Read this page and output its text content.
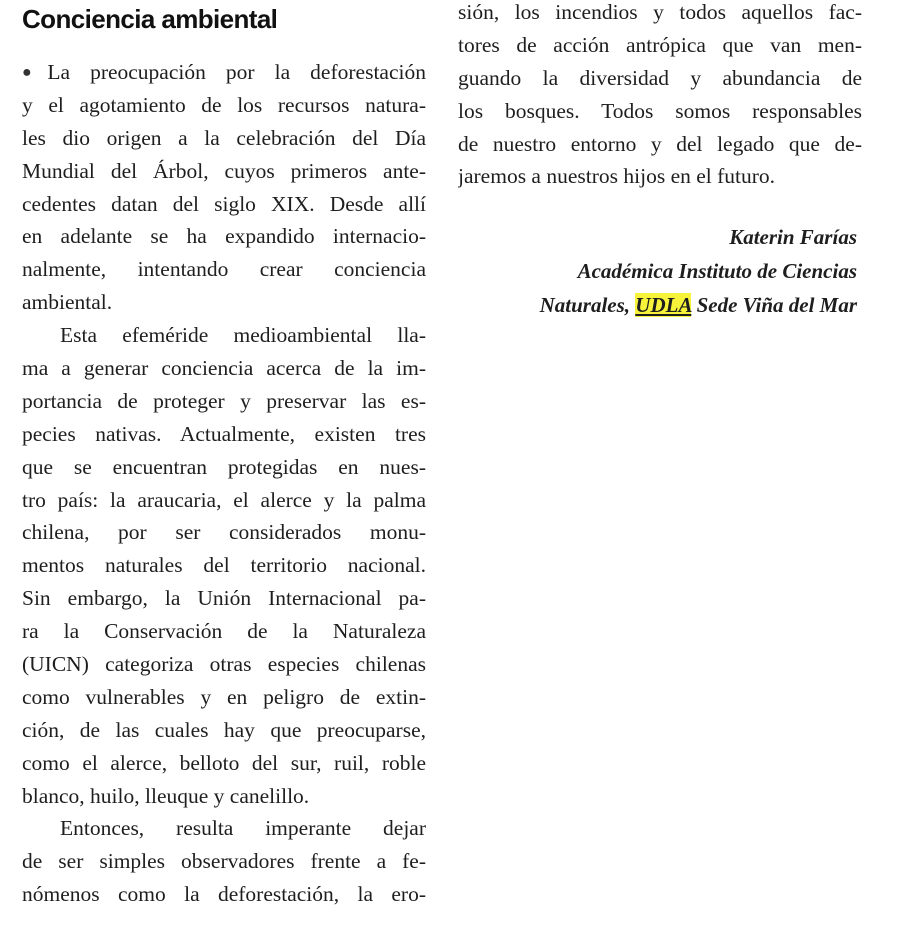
Conciencia ambiental
●La preocupación por la deforestación
y el agotamiento de los recursos natura-
les dio origen a la celebración del Día
Mundial del Árbol, cuyos primeros ante-
cedentes datan del siglo XIX. Desde allí
en adelante se ha expandido internacio-
nalmente, intentando crear conciencia
ambiental.
Esta efeméride medioambiental lla-
ma a generar conciencia acerca de la im-
portancia de proteger y preservar las es-
pecies nativas. Actualmente, existen tres
que se encuentran protegidas en nues-
tro país: la araucaria, el alerce y la palma
chilena, por ser considerados monu-
mentos naturales del territorio nacional.
Sin embargo, la Unión Internacional pa-
ra la Conservación de la Naturaleza
(UICN) categoriza otras especies chilenas
como vulnerables y en peligro de extin-
ción, de las cuales hay que preocuparse,
como el alerce, belloto del sur, ruil, roble
blanco, huilo, lleuque y canelillo.
Entonces, resulta imperante dejar
de ser simples observadores frente a fe-
nómenos como la deforestación, la ero-
sión, los incendios y todos aquellos fac-
tores de acción antrópica que van men-
guando la diversidad y abundancia de
los bosques. Todos somos responsables
de nuestro entorno y del legado que de-
jaremos a nuestros hijos en el futuro.
Katerin Farías
Académica Instituto de Ciencias
Naturales, UDLA Sede Viña del Mar
